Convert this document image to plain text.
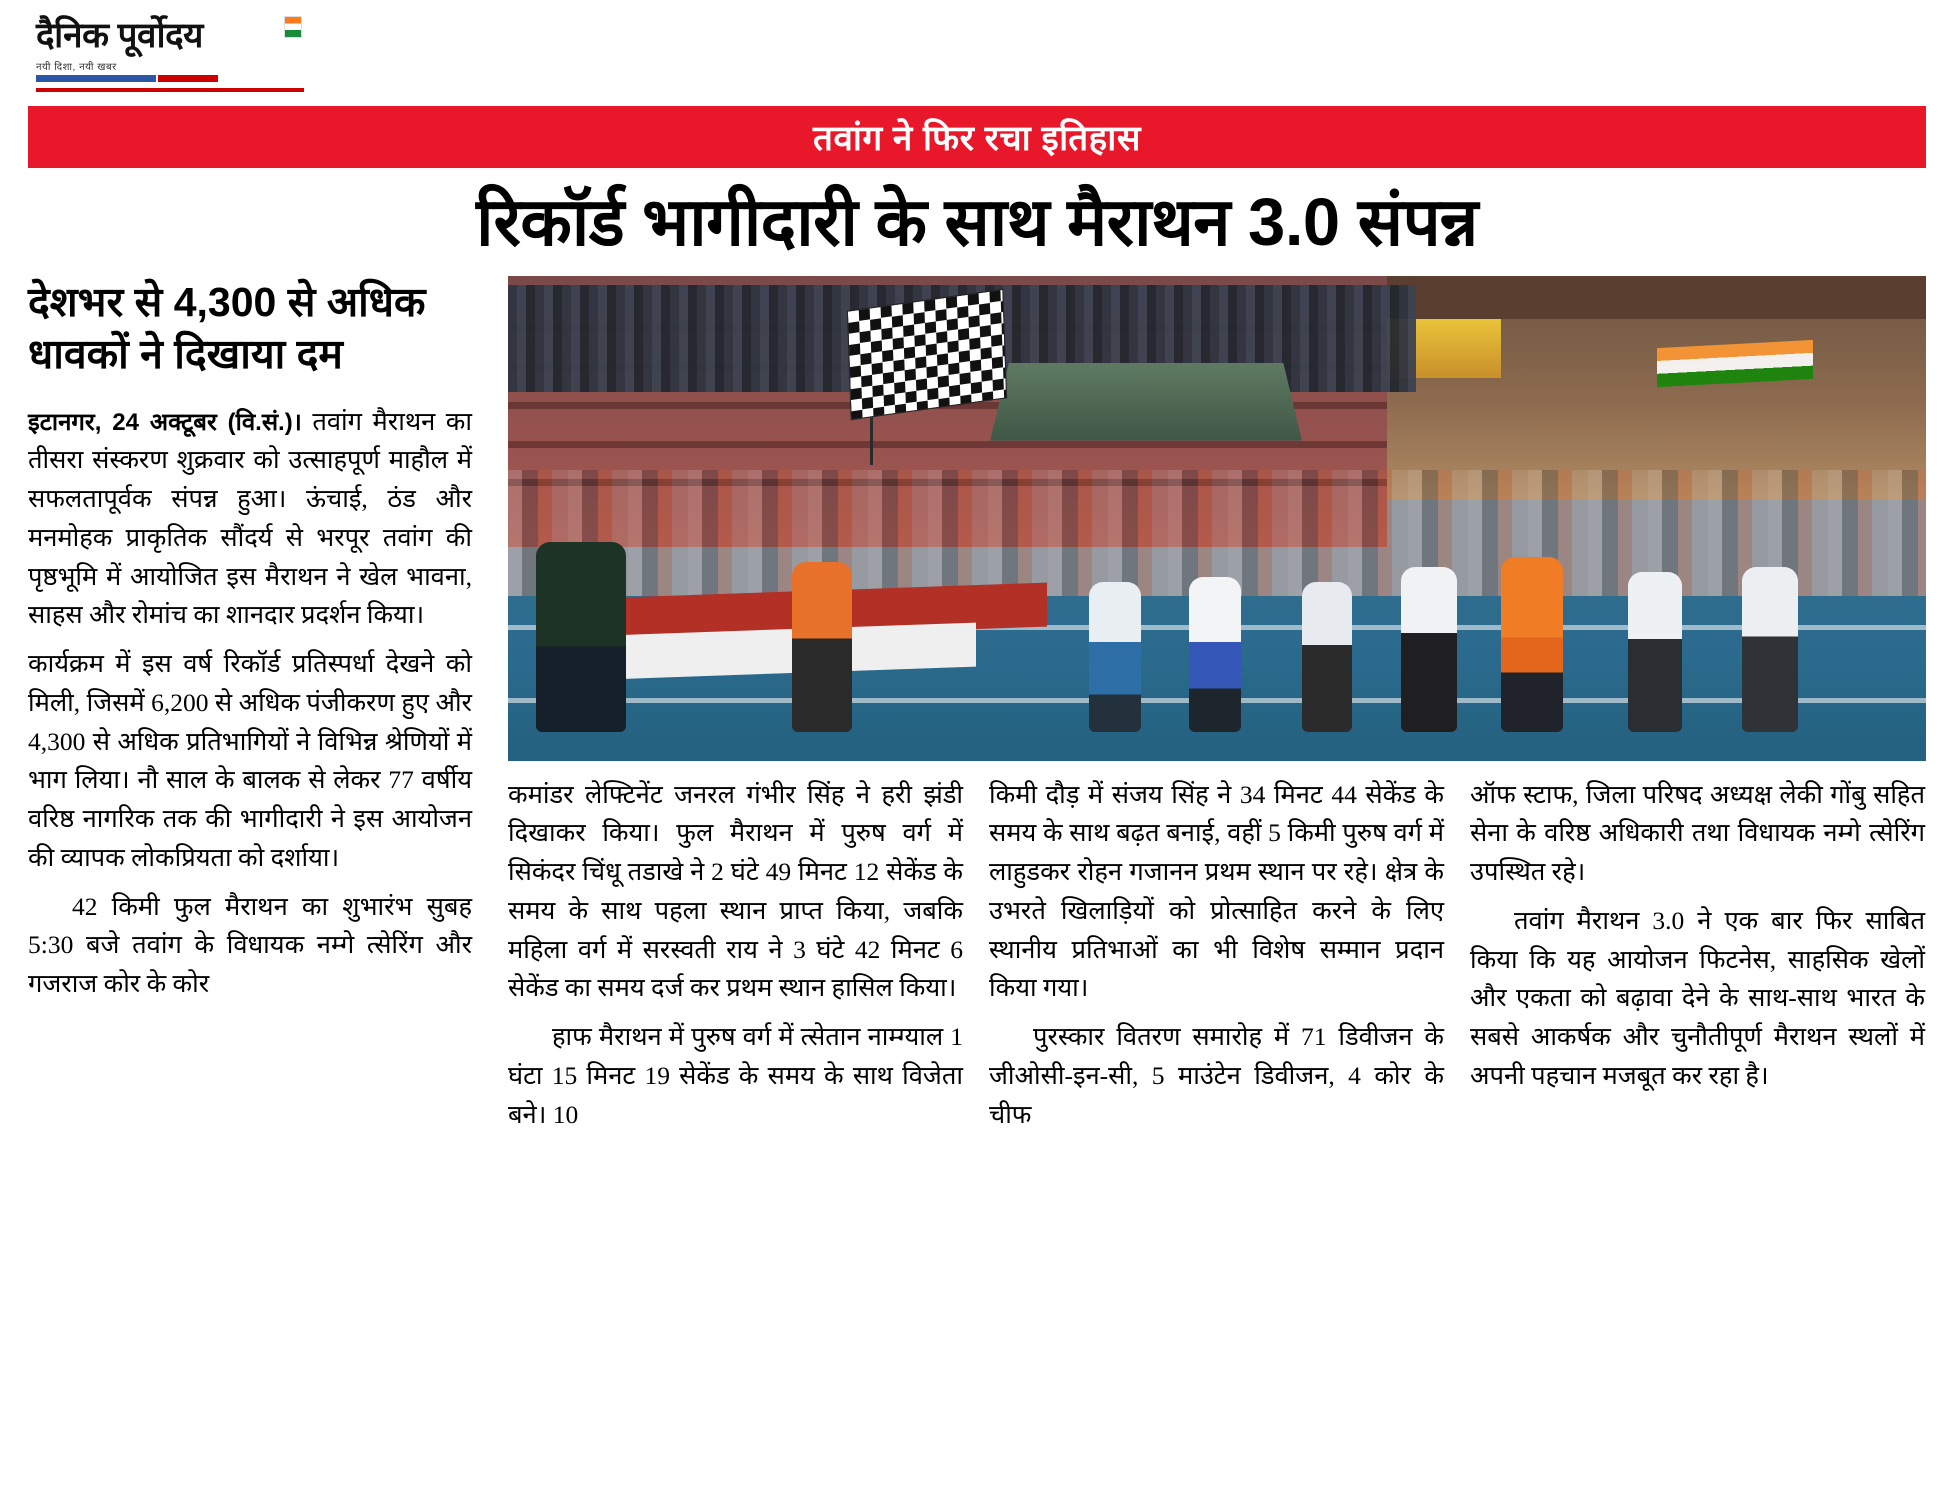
दैनिक पूर्वोदय
नयी दिशा, नयी खबर
तवांग ने फिर रचा इतिहास
रिकॉर्ड भागीदारी के साथ मैराथन 3.0 संपन्न
देशभर से 4,300 से अधिक धावकों ने दिखाया दम

इटानगर, 24 अक्टूबर (वि.सं.)। तवांग मैराथन का तीसरा संस्करण शुक्रवार को उत्साहपूर्ण माहौल में सफलतापूर्वक संपन्न हुआ। ऊंचाई, ठंड और मनमोहक प्राकृतिक सौंदर्य से भरपूर तवांग की पृष्ठभूमि में आयोजित इस मैराथन ने खेल भावना, साहस और रोमांच का शानदार प्रदर्शन किया।

कार्यक्रम में इस वर्ष रिकॉर्ड प्रतिस्पर्धा देखने को मिली, जिसमें 6,200 से अधिक पंजीकरण हुए और 4,300 से अधिक प्रतिभागियों ने विभिन्न श्रेणियों में भाग लिया। नौ साल के बालक से लेकर 77 वर्षीय वरिष्ठ नागरिक तक की भागीदारी ने इस आयोजन की व्यापक लोकप्रियता को दर्शाया।

42 किमी फुल मैराथन का शुभारंभ सुबह 5:30 बजे तवांग के विधायक नम्गे त्सेरिंग और गजराज कोर के कोर

कमांडर लेफ्टिनेंट जनरल गंभीर सिंह ने हरी झंडी दिखाकर किया। फुल मैराथन में पुरुष वर्ग में सिकंदर चिंधू तडाखे ने 2 घंटे 49 मिनट 12 सेकेंड के समय के साथ पहला स्थान प्राप्त किया, जबकि महिला वर्ग में सरस्वती राय ने 3 घंटे 42 मिनट 6 सेकेंड का समय दर्ज कर प्रथम स्थान हासिल किया।

हाफ मैराथन में पुरुष वर्ग में त्सेतान नाम्ग्याल 1 घंटा 15 मिनट 19 सेकेंड के समय के साथ विजेता बने। 10

किमी दौड़ में संजय सिंह ने 34 मिनट 44 सेकेंड के समय के साथ बढ़त बनाई, वहीं 5 किमी पुरुष वर्ग में लाहुडकर रोहन गजानन प्रथम स्थान पर रहे। क्षेत्र के उभरते खिलाड़ियों को प्रोत्साहित करने के लिए स्थानीय प्रतिभाओं का भी विशेष सम्मान प्रदान किया गया।

पुरस्कार वितरण समारोह में 71 डिवीजन के जीओसी-इन-सी, 5 माउंटेन डिवीजन, 4 कोर के चीफ

ऑफ स्टाफ, जिला परिषद अध्यक्ष लेकी गोंबु सहित सेना के वरिष्ठ अधिकारी तथा विधायक नम्गे त्सेरिंग उपस्थित रहे।

तवांग मैराथन 3.0 ने एक बार फिर साबित किया कि यह आयोजन फिटनेस, साहसिक खेलों और एकता को बढ़ावा देने के साथ-साथ भारत के सबसे आकर्षक और चुनौतीपूर्ण मैराथन स्थलों में अपनी पहचान मजबूत कर रहा है।
